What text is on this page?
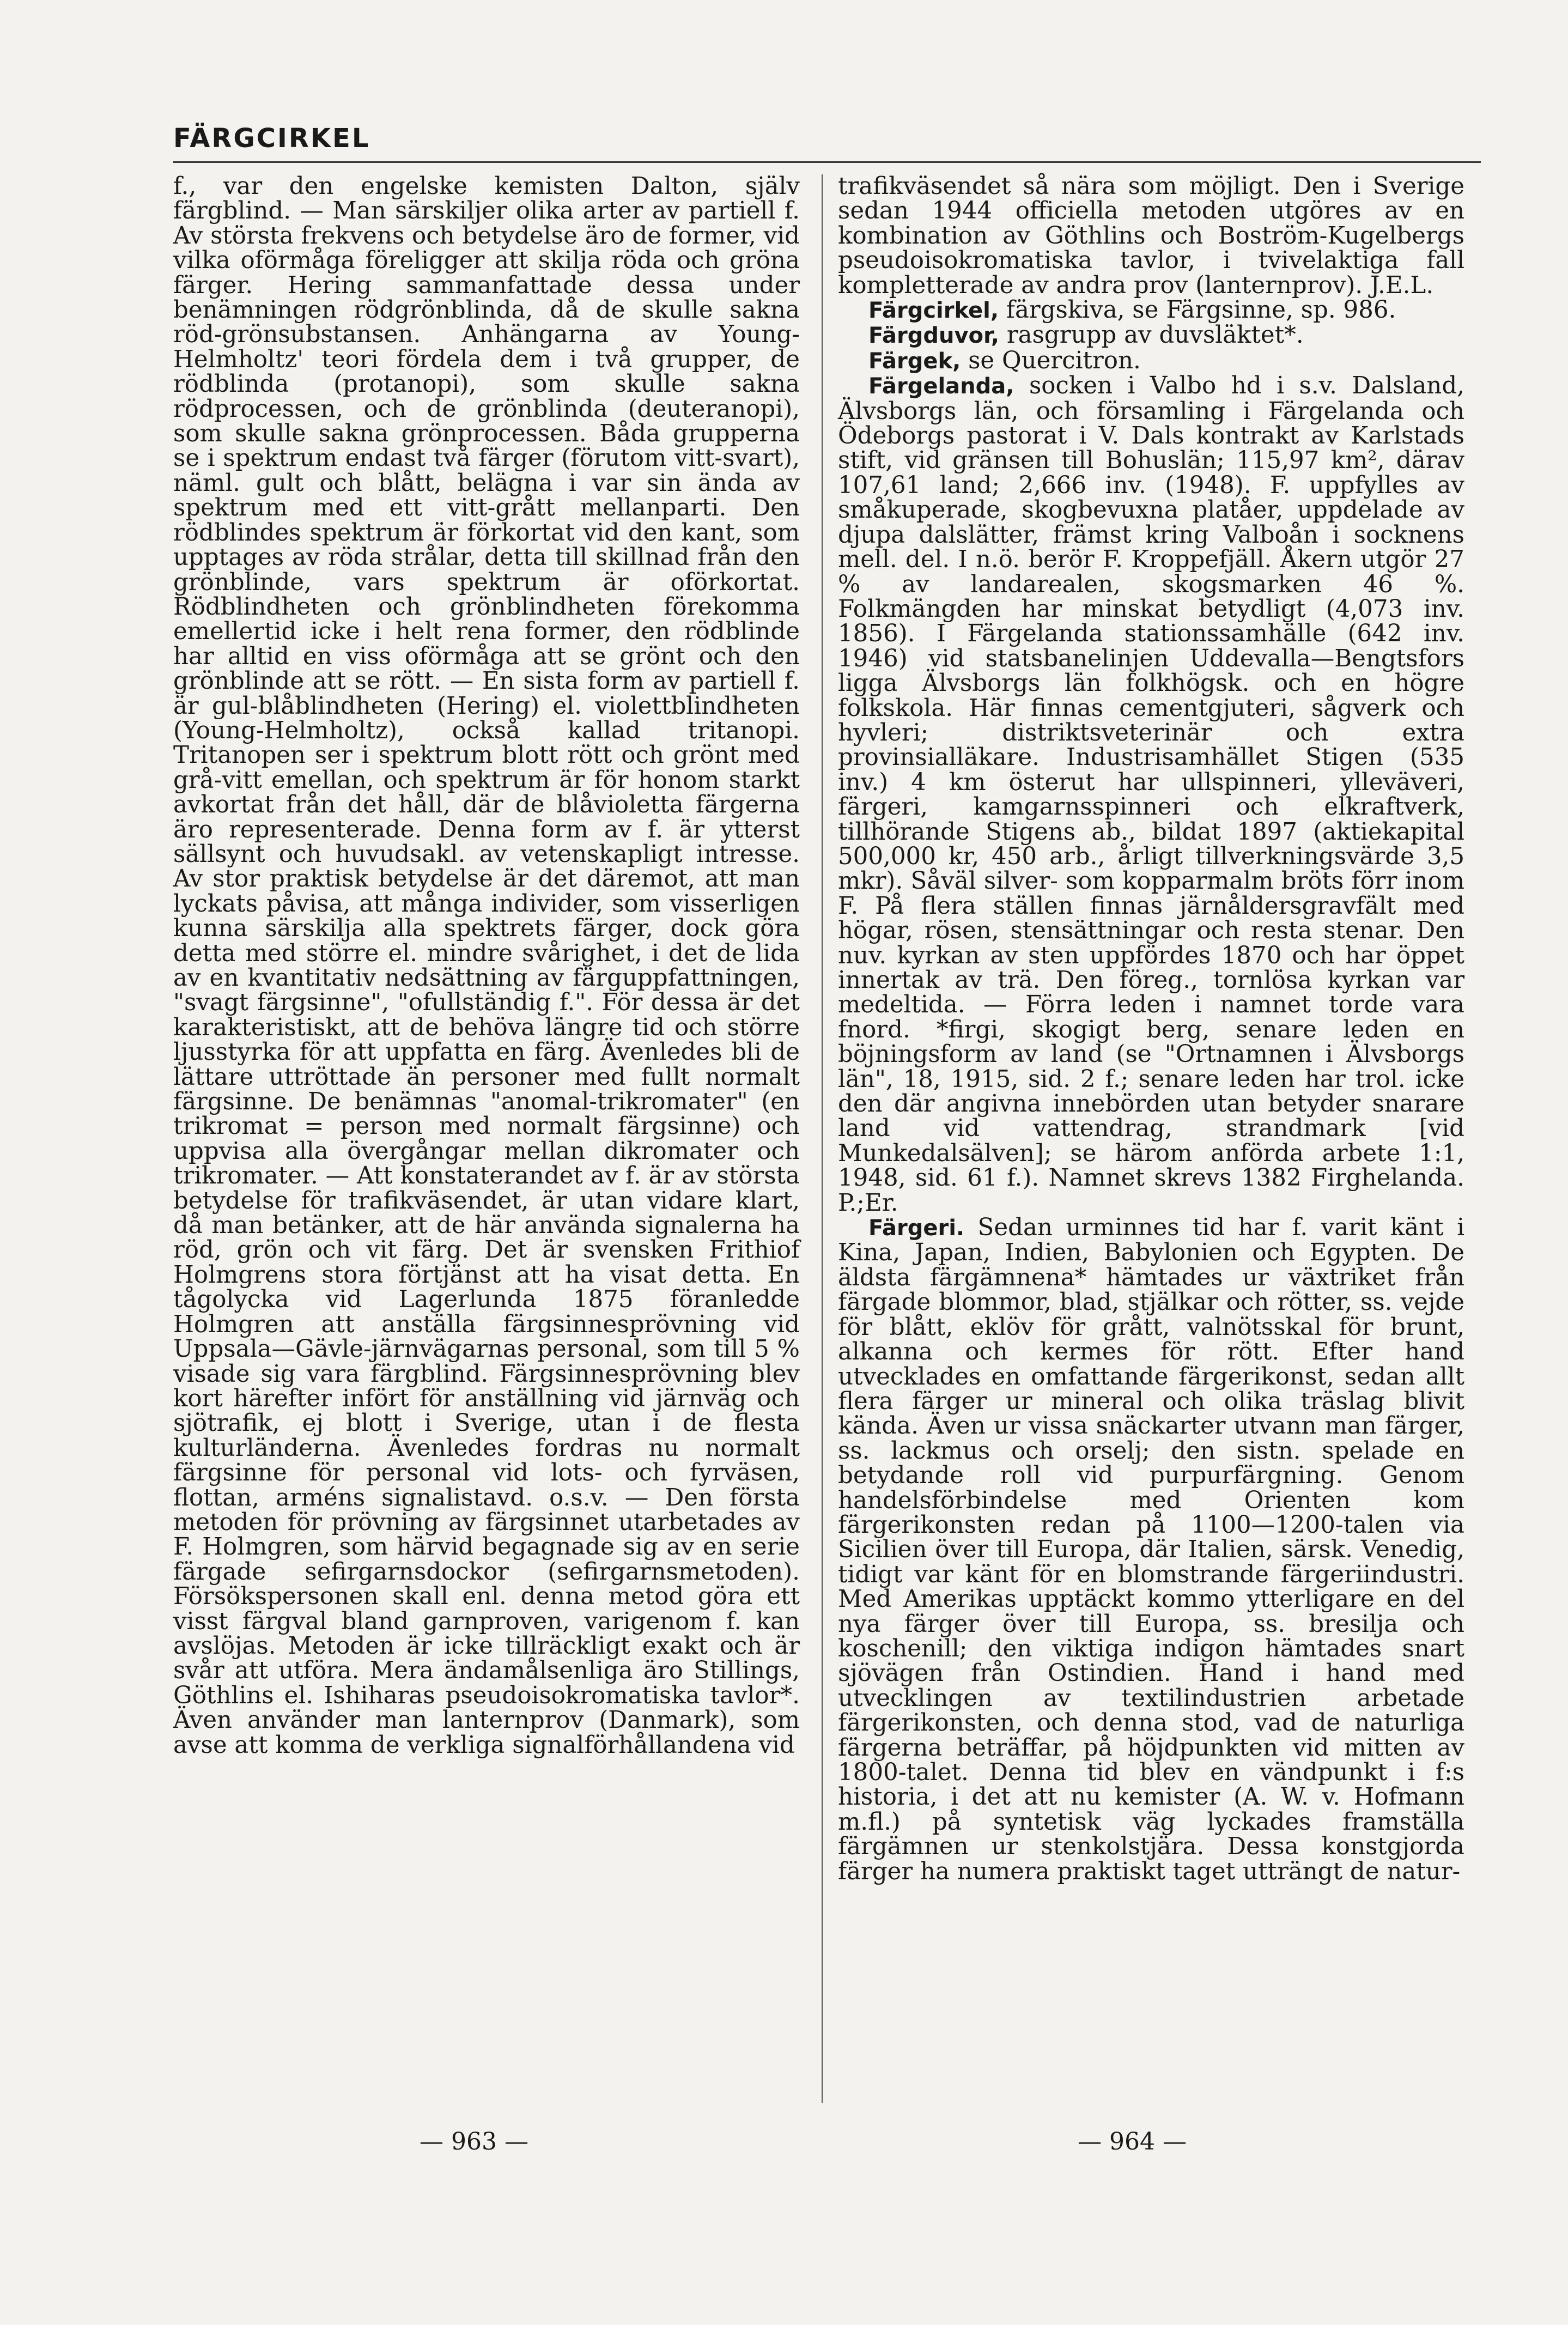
FÄRGCIRKEL

f., var den engelske kemisten Dalton, själv färgblind. — Man särskiljer olika arter av partiell f. Av största frekvens och betydelse äro de former, vid vilka oförmåga föreligger att skilja röda och gröna färger. Hering sammanfattade dessa under benämningen rödgrönblinda, då de skulle sakna röd-grönsubstansen. Anhängarna av Young-Helmholtz' teori fördela dem i två grupper, de rödblinda (protanopi), som skulle sakna rödprocessen, och de grönblinda (deuteranopi), som skulle sakna grönprocessen. Båda grupperna se i spektrum endast två färger (förutom vitt-svart), näml. gult och blått, belägna i var sin ända av spektrum med ett vitt-grått mellanparti. Den rödblindes spektrum är förkortat vid den kant, som upptages av röda strålar, detta till skillnad från den grönblinde, vars spektrum är oförkortat. Rödblindheten och grönblindheten förekomma emellertid icke i helt rena former, den rödblinde har alltid en viss oförmåga att se grönt och den grönblinde att se rött. — En sista form av partiell f. är gul-blåblindheten (Hering) el. violettblindheten (Young-Helmholtz), också kallad tritanopi. Tritanopen ser i spektrum blott rött och grönt med grå-vitt emellan, och spektrum är för honom starkt avkortat från det håll, där de blåvioletta färgerna äro representerade. Denna form av f. är ytterst sällsynt och huvudsakl. av vetenskapligt intresse. Av stor praktisk betydelse är det däremot, att man lyckats påvisa, att många individer, som visserligen kunna särskilja alla spektrets färger, dock göra detta med större el. mindre svårighet, i det de lida av en kvantitativ nedsättning av färguppfattningen, "svagt färgsinne", "ofullständig f.". För dessa är det karakteristiskt, att de behöva längre tid och större ljusstyrka för att uppfatta en färg. Ävenledes bli de lättare uttröttade än personer med fullt normalt färgsinne. De benämnas "anomal-trikromater" (en trikromat = person med normalt färgsinne) och uppvisa alla övergångar mellan dikromater och trikromater. — Att konstaterandet av f. är av största betydelse för trafikväsendet, är utan vidare klart, då man betänker, att de här använda signalerna ha röd, grön och vit färg. Det är svensken Frithiof Holmgrens stora förtjänst att ha visat detta. En tågolycka vid Lagerlunda 1875 föranledde Holmgren att anställa färgsinnesprövning vid Uppsala—Gävle-järnvägarnas personal, som till 5 % visade sig vara färgblind. Färgsinnesprövning blev kort härefter infört för anställning vid järnväg och sjötrafik, ej blott i Sverige, utan i de flesta kulturländerna. Ävenledes fordras nu normalt färgsinne för personal vid lots- och fyrväsen, flottan, arméns signalistavd. o.s.v. — Den första metoden för prövning av färgsinnet utarbetades av F. Holmgren, som härvid begagnade sig av en serie färgade sefirgarnsdockor (sefirgarnsmetoden). Försökspersonen skall enl. denna metod göra ett visst färgval bland garnproven, varigenom f. kan avslöjas. Metoden är icke tillräckligt exakt och är svår att utföra. Mera ändamålsenliga äro Stillings, Göthlins el. Ishiharas pseudoisokromatiska tavlor*. Även använder man lanternprov (Danmark), som avse att komma de verkliga signalförhållandena vid

trafikväsendet så nära som möjligt. Den i Sverige sedan 1944 officiella metoden utgöres av en kombination av Göthlins och Boström-Kugelbergs pseudoisokromatiska tavlor, i tvivelaktiga fall kompletterade av andra prov (lanternprov). J.E.L.

Färgcirkel, färgskiva, se Färgsinne, sp. 986.

Färgduvor, rasgrupp av duvsläktet*.

Färgek, se Quercitron.

Färgelanda, socken i Valbo hd i s.v. Dalsland, Älvsborgs län, och församling i Färgelanda och Ödeborgs pastorat i V. Dals kontrakt av Karlstads stift, vid gränsen till Bohuslän; 115,97 km², därav 107,61 land; 2,666 inv. (1948). F. uppfylles av småkuperade, skogbevuxna platåer, uppdelade av djupa dalslätter, främst kring Valboån i socknens mell. del. I n.ö. berör F. Kroppefjäll. Åkern utgör 27 % av landarealen, skogsmarken 46 %. Folkmängden har minskat betydligt (4,073 inv. 1856). I Färgelanda stationssamhälle (642 inv. 1946) vid statsbanelinjen Uddevalla—Bengtsfors ligga Älvsborgs län folkhögsk. och en högre folkskola. Här finnas cementgjuteri, sågverk och hyvleri; distriktsveterinär och extra provinsialläkare. Industrisamhället Stigen (535 inv.) 4 km österut har ullspinneri, ylleväveri, färgeri, kamgarnsspinneri och elkraftverk, tillhörande Stigens ab., bildat 1897 (aktiekapital 500,000 kr, 450 arb., årligt tillverkningsvärde 3,5 mkr). Såväl silver- som kopparmalm bröts förr inom F. På flera ställen finnas järnåldersgravfält med högar, rösen, stensättningar och resta stenar. Den nuv. kyrkan av sten uppfördes 1870 och har öppet innertak av trä. Den föreg., tornlösa kyrkan var medeltida. — Förra leden i namnet torde vara fnord. *firgi, skogigt berg, senare leden en böjningsform av land (se "Ortnamnen i Älvsborgs län", 18, 1915, sid. 2 f.; senare leden har trol. icke den där angivna innebörden utan betyder snarare land vid vattendrag, strandmark [vid Munkedalsälven]; se härom anförda arbete 1:1, 1948, sid. 61 f.). Namnet skrevs 1382 Firghelanda. P.;Er.

Färgeri. Sedan urminnes tid har f. varit känt i Kina, Japan, Indien, Babylonien och Egypten. De äldsta färgämnena* hämtades ur växtriket från färgade blommor, blad, stjälkar och rötter, ss. vejde för blått, eklöv för grått, valnötsskal för brunt, alkanna och kermes för rött. Efter hand utvecklades en omfattande färgerikonst, sedan allt flera färger ur mineral och olika träslag blivit kända. Även ur vissa snäckarter utvann man färger, ss. lackmus och orselj; den sistn. spelade en betydande roll vid purpurfärgning. Genom handelsförbindelse med Orienten kom färgerikonsten redan på 1100—1200-talen via Sicilien över till Europa, där Italien, särsk. Venedig, tidigt var känt för en blomstrande färgeriindustri. Med Amerikas upptäckt kommo ytterligare en del nya färger över till Europa, ss. bresilja och koschenill; den viktiga indigon hämtades snart sjövägen från Ostindien. Hand i hand med utvecklingen av textilindustrien arbetade färgerikonsten, och denna stod, vad de naturliga färgerna beträffar, på höjdpunkten vid mitten av 1800-talet. Denna tid blev en vändpunkt i f:s historia, i det att nu kemister (A. W. v. Hofmann m.fl.) på syntetisk väg lyckades framställa färgämnen ur stenkolstjära. Dessa konstgjorda färger ha numera praktiskt taget utträngt de natur-

— 963 —	— 964 —
